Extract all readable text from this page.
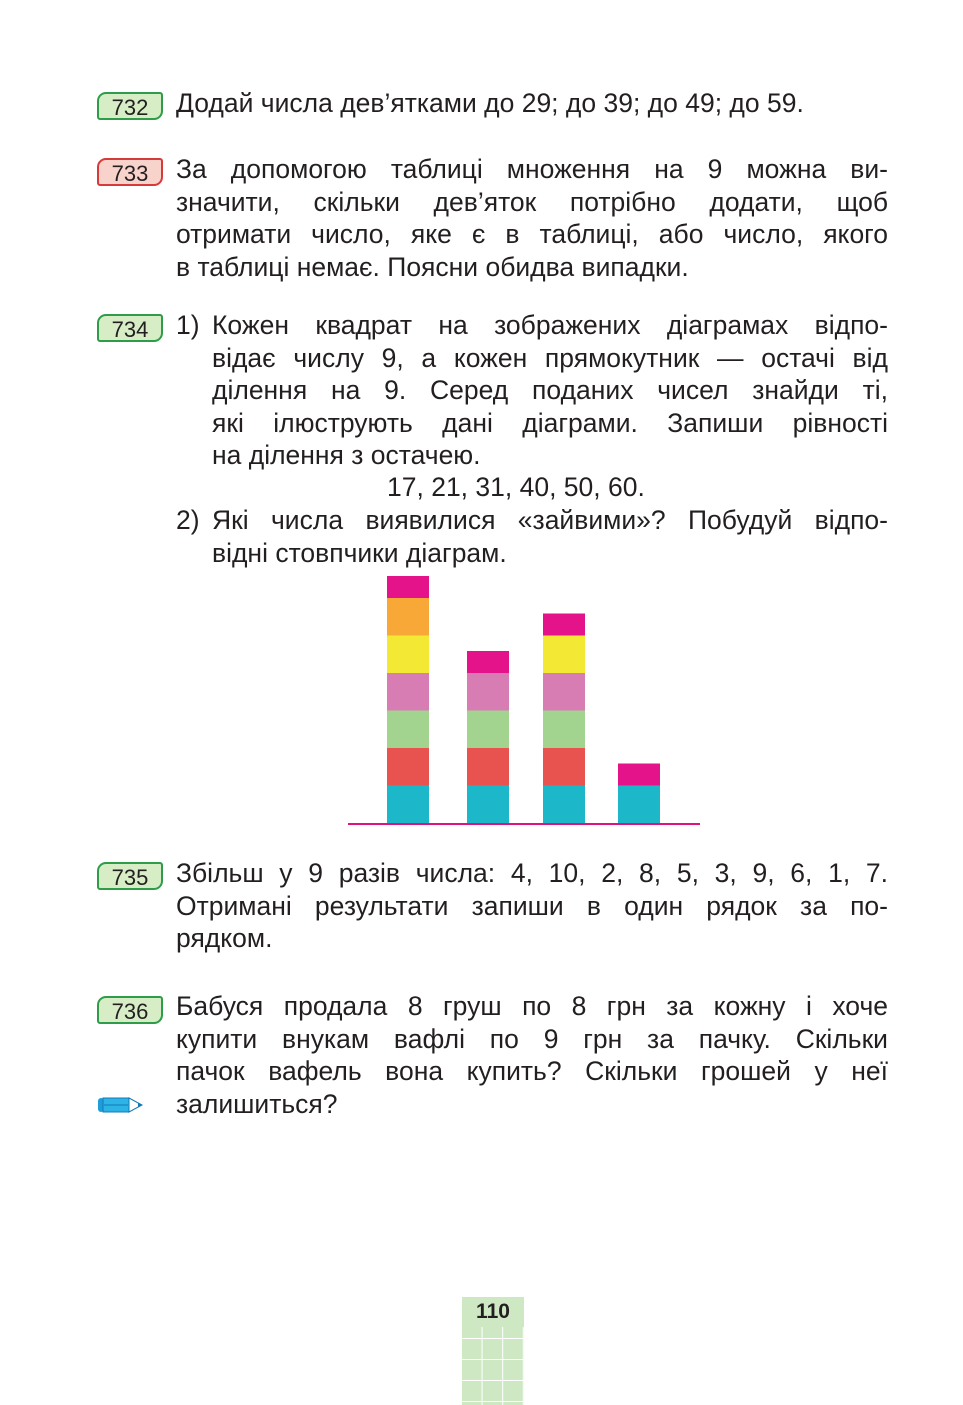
732	Додай числа дев’ятками до 29; до 39; до 49; до 59.
733	За допомогою таблиці множення на 9 можна ви-
значити, скільки дев’яток потрібно додати, щоб
отримати число, яке є в таблиці, або число, якого
в таблиці немає. Поясни обидва випадки.
734	1) Кожен квадрат на зображених діаграмах відпо-
відає числу 9, а кожен прямокутник — остачі від
ділення на 9. Серед поданих чисел знайди ті,
які ілюструють дані діаграми. Запиши рівності
на ділення з остачею.
17, 21, 31, 40, 50, 60.
2) Які числа виявилися «зайвими»? Побудуй відпо-
відні стовпчики діаграм.
735	Збільш у 9 разів числа: 4, 10, 2, 8, 5, 3, 9, 6, 1, 7.
Отримані результати запиши в один рядок за по-
рядком.
736	Бабуся продала 8 груш по 8 грн за кожну і хоче
купити внукам вафлі по 9 грн за пачку. Скільки
пачок вафель вона купить? Скільки грошей у неї
залишиться?
110
